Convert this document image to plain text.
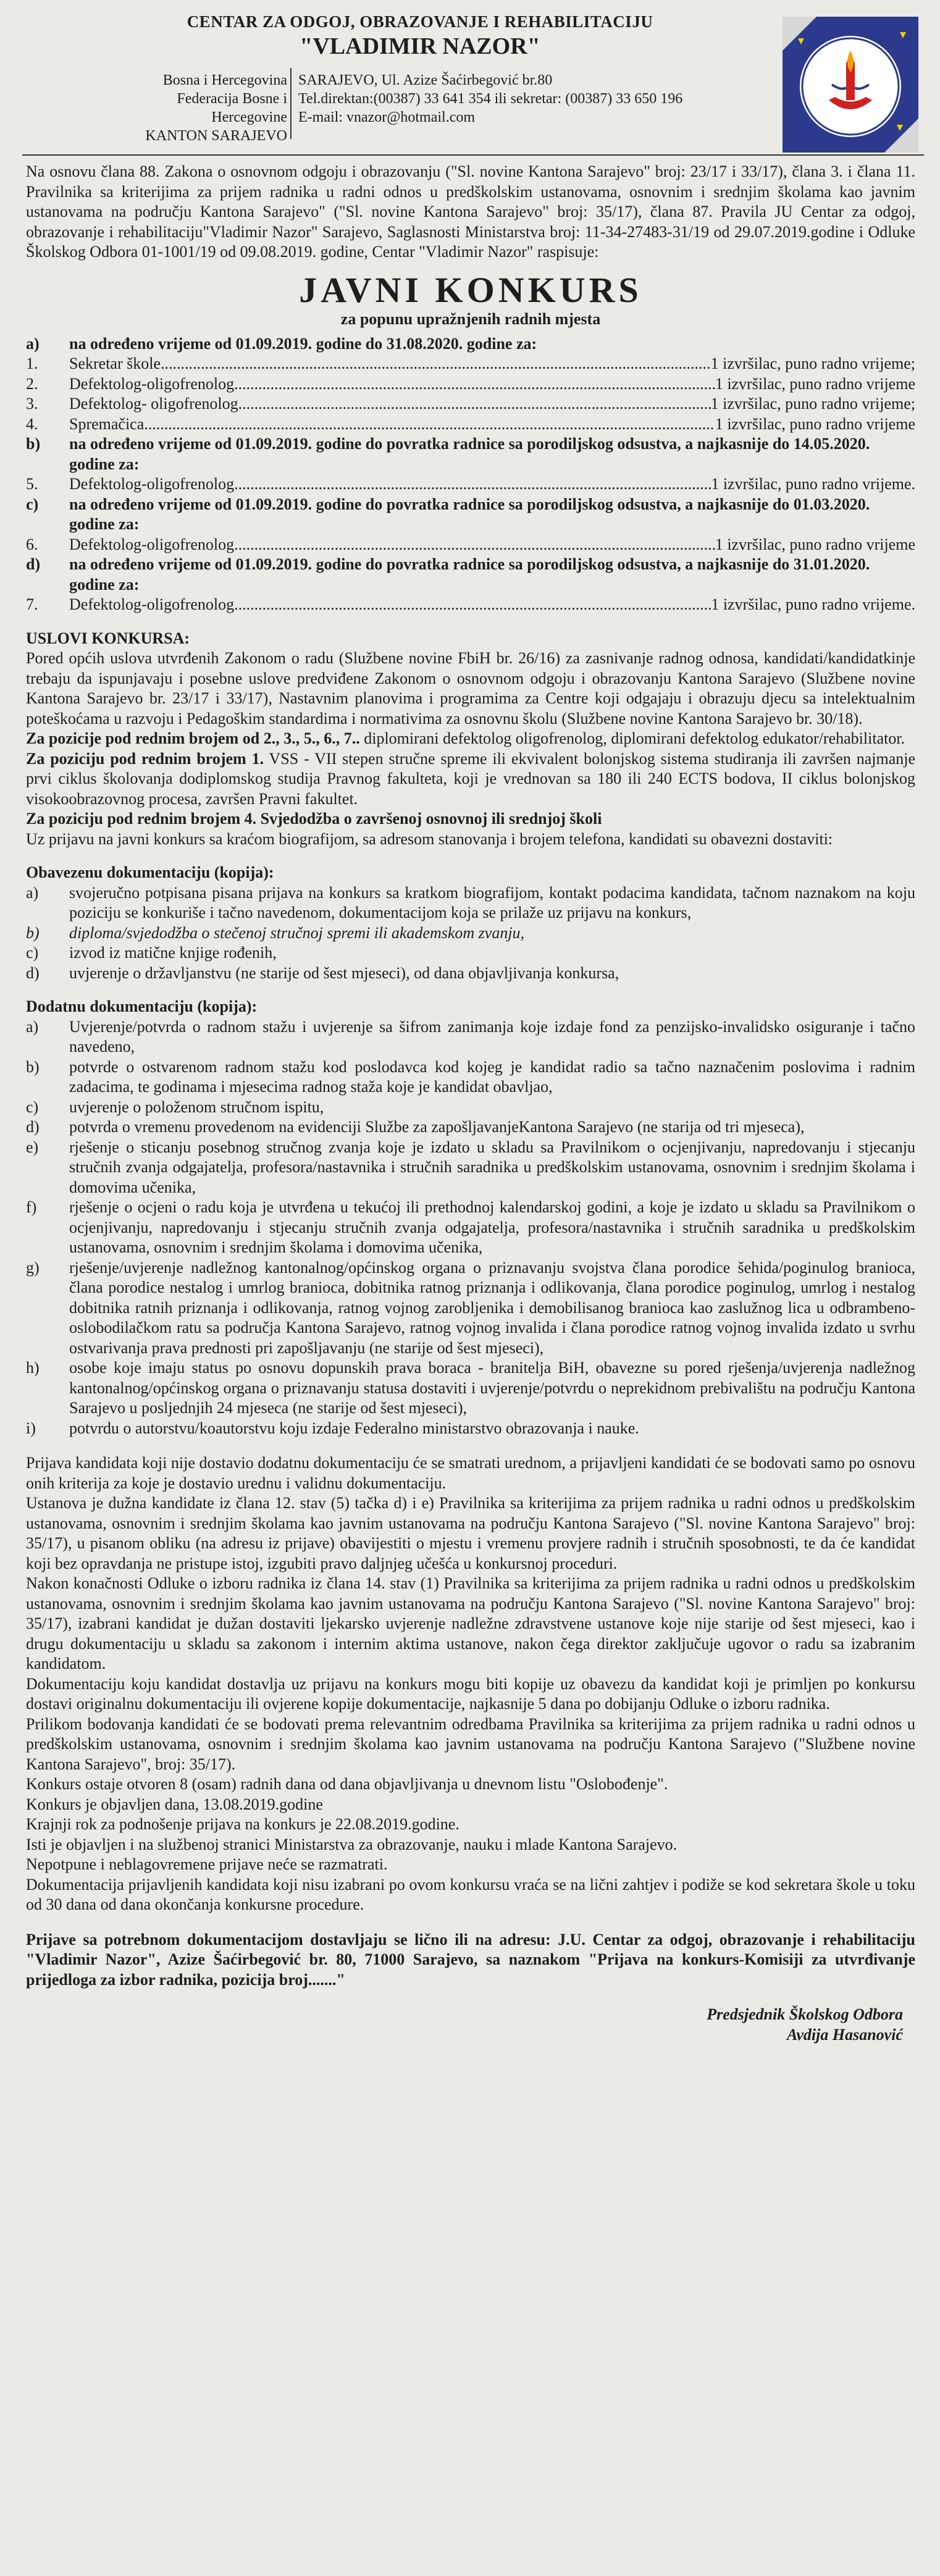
CENTAR ZA ODGOJ, OBRAZOVANJE I REHABILITACIJU
"VLADIMIR NAZOR"
Bosna i Hercegovina
Federacija Bosne i Hercegovine
KANTON SARAJEVO
SARAJEVO, Ul. Azize Šaćirbegović br.80
Tel.direktan:(00387) 33 641 354 ili sekretar: (00387) 33 650 196
E-mail: vnazor@hotmail.com

Na osnovu člana 88. Zakona o osnovnom odgoju i obrazovanju ("Sl. novine Kantona Sarajevo" broj: 23/17 i 33/17), člana 3. i člana 11. Pravilnika sa kriterijima za prijem radnika u radni odnos u predškolskim ustanovama, osnovnim i srednjim školama kao javnim ustanovama na području Kantona Sarajevo" ("Sl. novine Kantona Sarajevo" broj: 35/17), člana 87. Pravila JU Centar za odgoj, obrazovanje i rehabilitaciju"Vladimir Nazor" Sarajevo, Saglasnosti Ministarstva broj: 11-34-27483-31/19 od 29.07.2019.godine i Odluke Školskog Odbora 01-1001/19 od 09.08.2019. godine, Centar "Vladimir Nazor" raspisuje:

JAVNI KONKURS
za popunu upražnjenih radnih mjesta
a)	na određeno vrijeme od 01.09.2019. godine do 31.08.2020. godine za:
1.	Sekretar škole .....	1 izvršilac, puno radno vrijeme;
2.	Defektolog-oligofrenolog .....	1 izvršilac, puno radno vrijeme
3.	Defektolog- oligofrenolog .....	1 izvršilac, puno radno vrijeme;
4.	Spremačica .....	1 izvršilac, puno radno vrijeme
b)	na određeno vrijeme od 01.09.2019. godine do povratka radnice sa porodiljskog odsustva, a najkasnije do 14.05.2020. godine za:
5.	Defektolog-oligofrenolog .....	1 izvršilac, puno radno vrijeme.
c)	na određeno vrijeme od 01.09.2019. godine do povratka radnice sa porodiljskog odsustva, a najkasnije do 01.03.2020. godine za:
6.	Defektolog-oligofrenolog .....	1 izvršilac, puno radno vrijeme
d)	na određeno vrijeme od 01.09.2019. godine do povratka radnice sa porodiljskog odsustva, a najkasnije do 31.01.2020. godine za:
7.	Defektolog-oligofrenolog .....	1 izvršilac, puno radno vrijeme.
USLOVI KONKURSA:

Pored općih uslova utvrđenih Zakonom o radu (Službene novine FbiH br. 26/16) za zasnivanje radnog odnosa, kandidati/kandidatkinje trebaju da ispunjavaju i posebne uslove predviđene Zakonom o osnovnom odgoju i obrazovanju Kantona Sarajevo (Službene novine Kantona Sarajevo br. 23/17 i 33/17), Nastavnim planovima i programima za Centre koji odgajaju i obrazuju djecu sa intelektualnim poteškoćama u razvoju i Pedagoškim standardima i normativima za osnovnu školu (Službene novine Kantona Sarajevo br. 30/18).

Za pozicije pod rednim brojem od 2., 3., 5., 6., 7.. diplomirani defektolog oligofrenolog, diplomirani defektolog edukator/rehabilitator.

Za poziciju pod rednim brojem 1. VSS - VII stepen stručne spreme ili ekvivalent bolonjskog sistema studiranja ili završen najmanje prvi ciklus školovanja dodiplomskog studija Pravnog fakulteta, koji je vrednovan sa 180 ili 240 ECTS bodova, II ciklus bolonjskog visokoobrazovnog procesa, završen Pravni fakultet.

Za poziciju pod rednim brojem 4. Svjedodžba o završenoj osnovnoj ili srednjoj školi

Uz prijavu na javni konkurs sa kraćom biografijom, sa adresom stanovanja i brojem telefona, kandidati su obavezni dostaviti:

Obavezenu dokumentaciju (kopija):
a)	svojeručno potpisana pisana prijava na konkurs sa kratkom biografijom, kontakt podacima kandidata, tačnom naznakom na koju poziciju se konkuriše i tačno navedenom, dokumentacijom koja se prilaže uz prijavu na konkurs,
b)	diploma/svjedodžba o stečenoj stručnoj spremi ili akademskom zvanju,
c)	izvod iz matične knjige rođenih,
d)	uvjerenje o državljanstvu (ne starije od šest mjeseci), od dana objavljivanja konkursa,
Dodatnu dokumentaciju (kopija):
a)	Uvjerenje/potvrda o radnom stažu i uvjerenje sa šifrom zanimanja koje izdaje fond za penzijsko-invalidsko osiguranje i tačno navedeno,
b)	potvrde o ostvarenom radnom stažu kod poslodavca kod kojeg je kandidat radio sa tačno naznačenim poslovima i radnim zadacima, te godinama i mjesecima radnog staža koje je kandidat obavljao,
c)	uvjerenje o položenom stručnom ispitu,
d)	potvrda o vremenu provedenom na evidenciji Službe za zapošljavanjeKantona Sarajevo (ne starija od tri mjeseca),
e)	rješenje o sticanju posebnog stručnog zvanja koje je izdato u skladu sa Pravilnikom o ocjenjivanju, napredovanju i stjecanju stručnih zvanja odgajatelja, profesora/nastavnika i stručnih saradnika u predškolskim ustanovama, osnovnim i srednjim školama i domovima učenika,
f)	rješenje o ocjeni o radu koja je utvrđena u tekućoj ili prethodnoj kalendarskoj godini, a koje je izdato u skladu sa Pravilnikom o ocjenjivanju, napredovanju i stjecanju stručnih zvanja odgajatelja, profesora/nastavnika i stručnih saradnika u predškolskim ustanovama, osnovnim i srednjim školama i domovima učenika,
g)	rješenje/uvjerenje nadležnog kantonalnog/općinskog organa o priznavanju svojstva člana porodice šehida/poginulog branioca, člana porodice nestalog i umrlog branioca, dobitnika ratnog priznanja i odlikovanja, člana porodice poginulog, umrlog i nestalog dobitnika ratnih priznanja i odlikovanja, ratnog vojnog zarobljenika i demobilisanog branioca kao zaslužnog lica u odbrambeno-oslobodilačkom ratu sa područja Kantona Sarajevo, ratnog vojnog invalida i člana porodice ratnog vojnog invalida izdato u svrhu ostvarivanja prava prednosti pri zapošljavanju (ne starije od šest mjeseci),
h)	osobe koje imaju status po osnovu dopunskih prava boraca - branitelja BiH, obavezne su pored rješenja/uvjerenja nadležnog kantonalnog/općinskog organa o priznavanju statusa dostaviti i uvjerenje/potvrdu o neprekidnom prebivalištu na području Kantona Sarajevo u posljednjih 24 mjeseca (ne starije od šest mjeseci),
i)	potvrdu o autorstvu/koautorstvu koju izdaje Federalno ministarstvo obrazovanja i nauke.

Prijava kandidata koji nije dostavio dodatnu dokumentaciju će se smatrati urednom, a prijavljeni kandidati će se bodovati samo po osnovu onih kriterija za koje je dostavio urednu i validnu dokumentaciju.

Ustanova je dužna kandidate iz člana 12. stav (5) tačka d) i e) Pravilnika sa kriterijima za prijem radnika u radni odnos u predškolskim ustanovama, osnovnim i srednjim školama kao javnim ustanovama na području Kantona Sarajevo ("Sl. novine Kantona Sarajevo" broj: 35/17), u pisanom obliku (na adresu iz prijave) obavijestiti o mjestu i vremenu provjere radnih i stručnih sposobnosti, te da će kandidat koji bez opravdanja ne pristupe istoj, izgubiti pravo daljnjeg učešća u konkursnoj proceduri.

Nakon konačnosti Odluke o izboru radnika iz člana 14. stav (1) Pravilnika sa kriterijima za prijem radnika u radni odnos u predškolskim ustanovama, osnovnim i srednjim školama kao javnim ustanovama na području Kantona Sarajevo ("Sl. novine Kantona Sarajevo" broj: 35/17), izabrani kandidat je dužan dostaviti ljekarsko uvjerenje nadležne zdravstvene ustanove koje nije starije od šest mjeseci, kao i drugu dokumentaciju u skladu sa zakonom i internim aktima ustanove, nakon čega direktor zaključuje ugovor o radu sa izabranim kandidatom.

Dokumentaciju koju kandidat dostavlja uz prijavu na konkurs mogu biti kopije uz obavezu da kandidat koji je primljen po konkursu dostavi originalnu dokumentaciju ili ovjerene kopije dokumentacije, najkasnije 5 dana po dobijanju Odluke o izboru radnika.

Prilikom bodovanja kandidati će se bodovati prema relevantnim odredbama Pravilnika sa kriterijima za prijem radnika u radni odnos u predškolskim ustanovama, osnovnim i srednjim školama kao javnim ustanovama na području Kantona Sarajevo ("Službene novine Kantona Sarajevo", broj: 35/17).

Konkurs ostaje otvoren 8 (osam) radnih dana od dana objavljivanja u dnevnom listu "Oslobođenje".

Konkurs je objavljen dana, 13.08.2019.godine

Krajnji rok za podnošenje prijava na konkurs je 22.08.2019.godine.

Isti je objavljen i na službenoj stranici Ministarstva za obrazovanje, nauku i mlade Kantona Sarajevo.

Nepotpune i neblagovremene prijave neće se razmatrati.

Dokumentacija prijavljenih kandidata koji nisu izabrani po ovom konkursu vraća se na lični zahtjev i podiže se kod sekretara škole u toku od 30 dana od dana okončanja konkursne procedure.

Prijave sa potrebnom dokumentacijom dostavljaju se lično ili na adresu: J.U. Centar za odgoj, obrazovanje i rehabilitaciju "Vladimir Nazor", Azize Šaćirbegović br. 80, 71000 Sarajevo, sa naznakom "Prijava na konkurs-Komisiji za utvrđivanje prijedloga za izbor radnika, pozicija broj......."

Predsjednik Školskog Odbora
Avdija Hasanović
